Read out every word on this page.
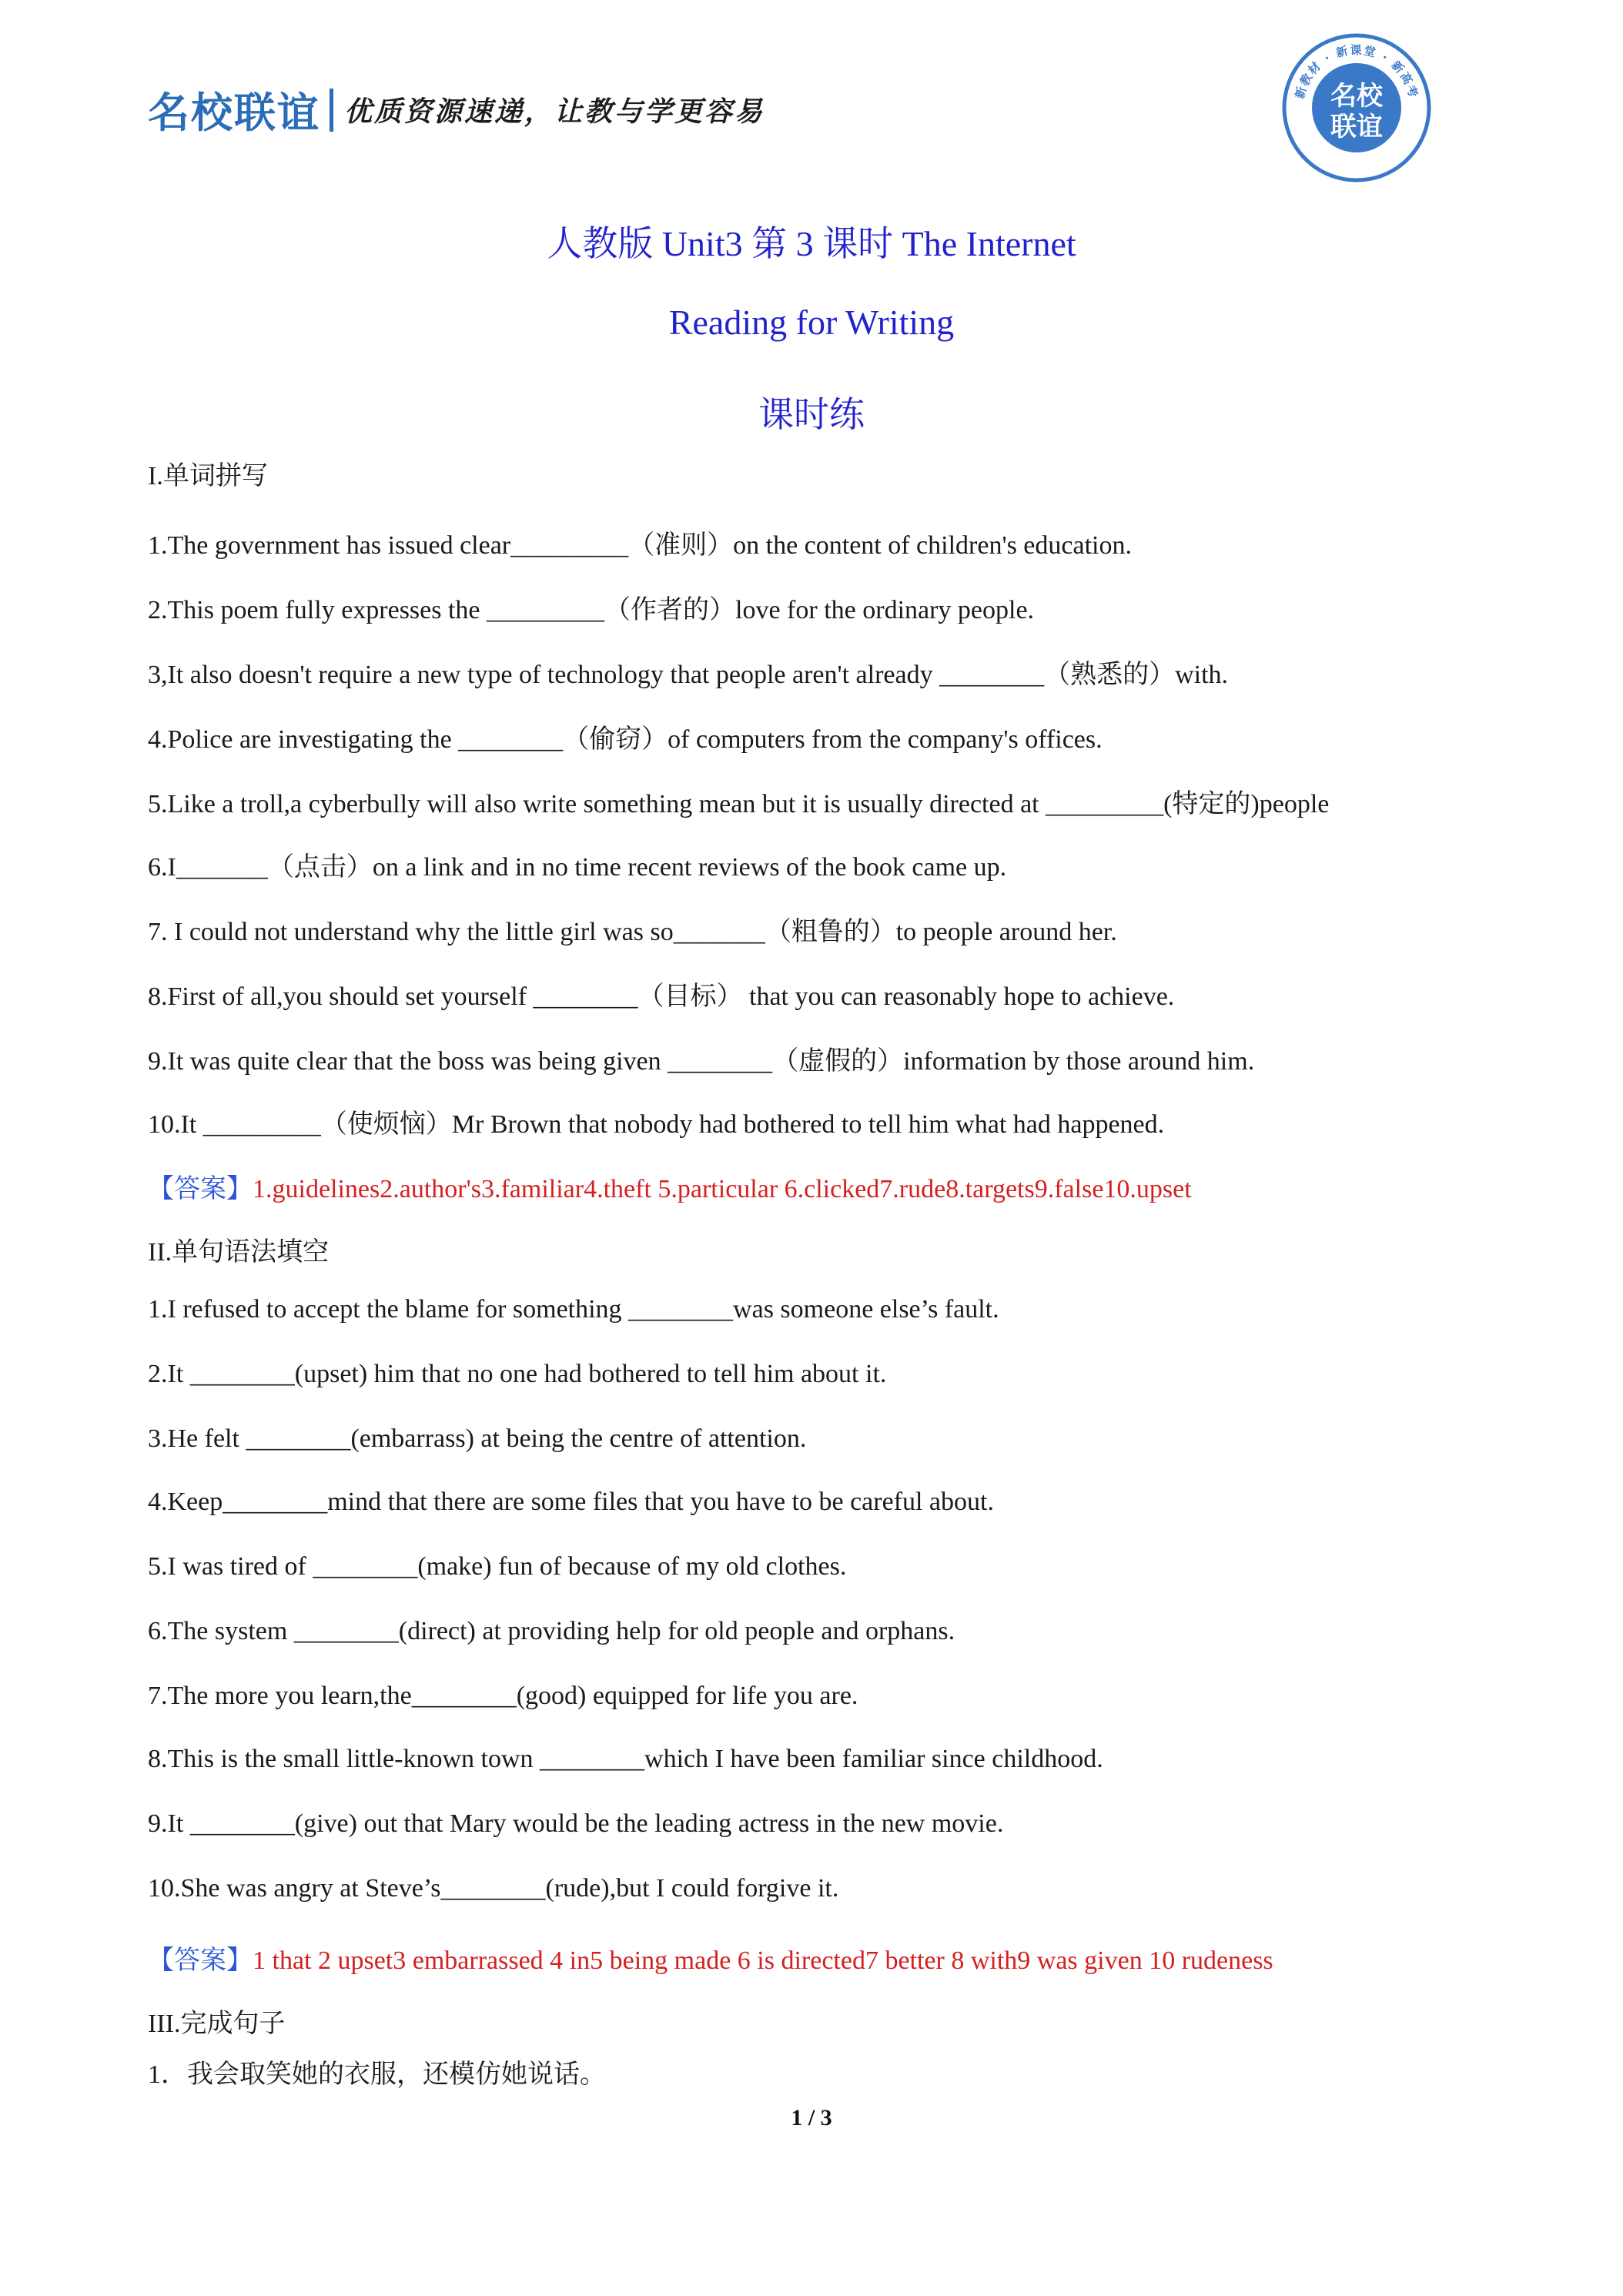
名校联谊 优质资源速递，让教与学更容易
新教材 · 新课堂 · 新高考
名校
联谊
人教版 Unit3 第 3 课时 The Internet
Reading for Writing
课时练
I.单词拼写
1.The government has issued clear_________（准则）on the content of children's education.
2.This poem fully expresses the _________（作者的）love for the ordinary people.
3,It also doesn't require a new type of technology that people aren't already ________（熟悉的）with.
4.Police are investigating the ________（偷窃）of computers from the company's offices.
5.Like a troll,a cyberbully will also write something mean but it is usually directed at _________(特定的)people
6.I_______（点击）on a link and in no time recent reviews of the book came up.
7. I could not understand why the little girl was so_______（粗鲁的）to people around her.
8.First of all,you should set yourself ________（目标） that you can reasonably hope to achieve.
9.It was quite clear that the boss was being given ________（虚假的）information by those around him.
10.It _________（使烦恼）Mr Brown that nobody had bothered to tell him what had happened.
【答案】1.guidelines2.author's3.familiar4.theft 5.particular 6.clicked7.rude8.targets9.false10.upset
II.单句语法填空
1.I refused to accept the blame for something ________was someone else’s fault.
2.It ________(upset) him that no one had bothered to tell him about it.
3.He felt ________(embarrass) at being the centre of attention.
4.Keep________mind that there are some files that you have to be careful about.
5.I was tired of ________(make) fun of because of my old clothes.
6.The system ________(direct) at providing help for old people and orphans.
7.The more you learn,the________(good) equipped for life you are.
8.This is the small little-known town ________which I have been familiar since childhood.
9.It ________(give) out that Mary would be the leading actress in the new movie.
10.She was angry at Steve’s________(rude),but I could forgive it.
【答案】1 that 2 upset3 embarrassed 4 in5 being made 6 is directed7 better 8 with9 was given 10 rudeness
III.完成句子
1．我会取笑她的衣服，还模仿她说话。
1 / 3
